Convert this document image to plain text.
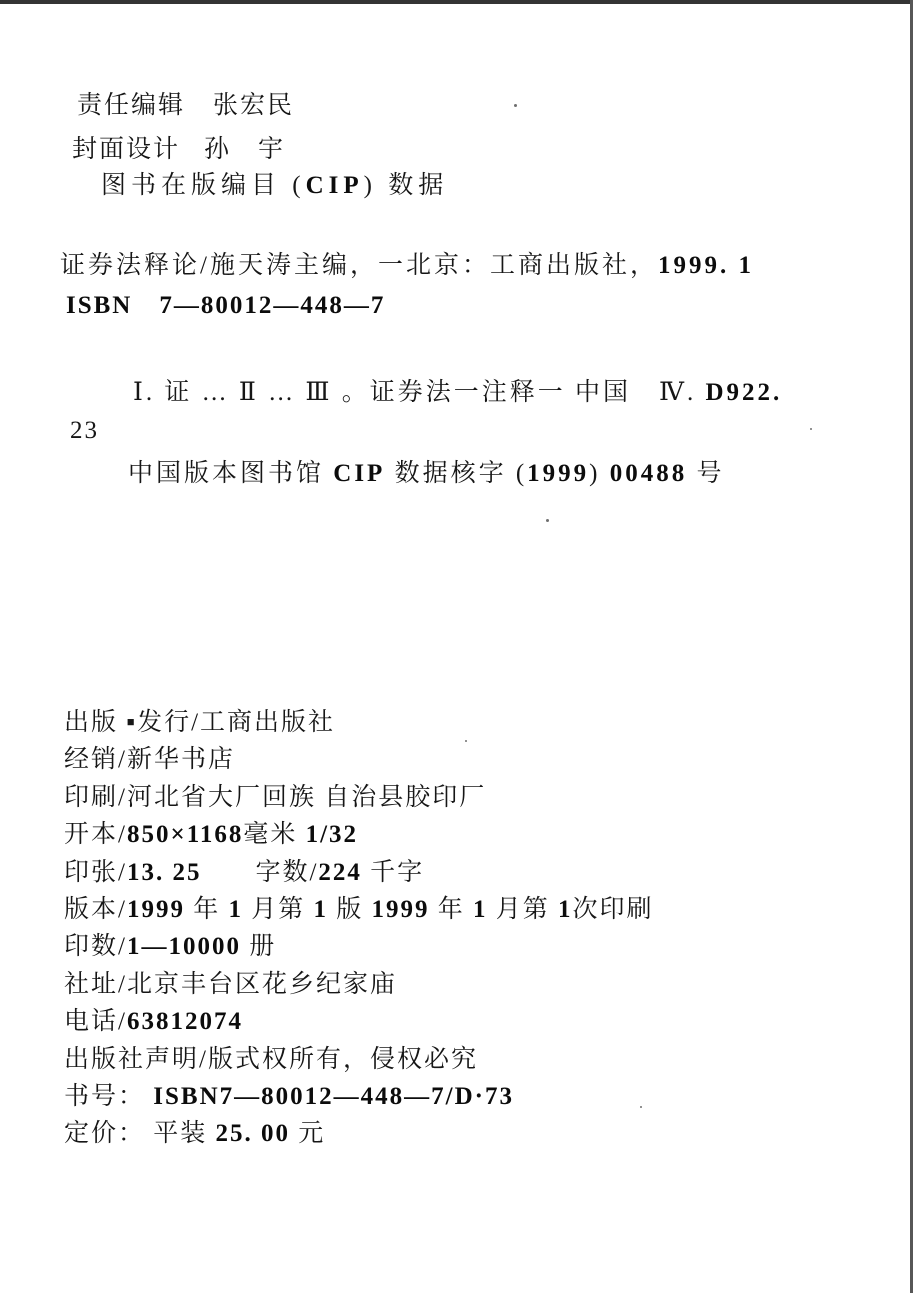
责任编辑 张宏民
封面设计 孙　宇
图书在版编目 (CIP) 数据
证券法释论/施天涛主编，一北京：工商出版社，1999. 1
ISBN　7—80012—448—7
Ⅰ. 证 … Ⅱ … Ⅲ 。证券法一注释一 中国　Ⅳ. D922.
23
中国版本图书馆 CIP 数据核字 (1999) 00488 号
出版 ▪发行/工商出版社
经销/新华书店
印刷/河北省大厂回族 自治县胶印厂
开本/850×1168毫米 1/32
印张/13. 25　　字数/224 千字
版本/1999 年 1 月第 1 版 1999 年 1 月第 1次印刷
印数/1—10000 册
社址/北京丰台区花乡纪家庙
电话/63812074
出版社声明/版式权所有，侵权必究
书号： ISBN7—80012—448—7/D·73
定价： 平装 25. 00 元
